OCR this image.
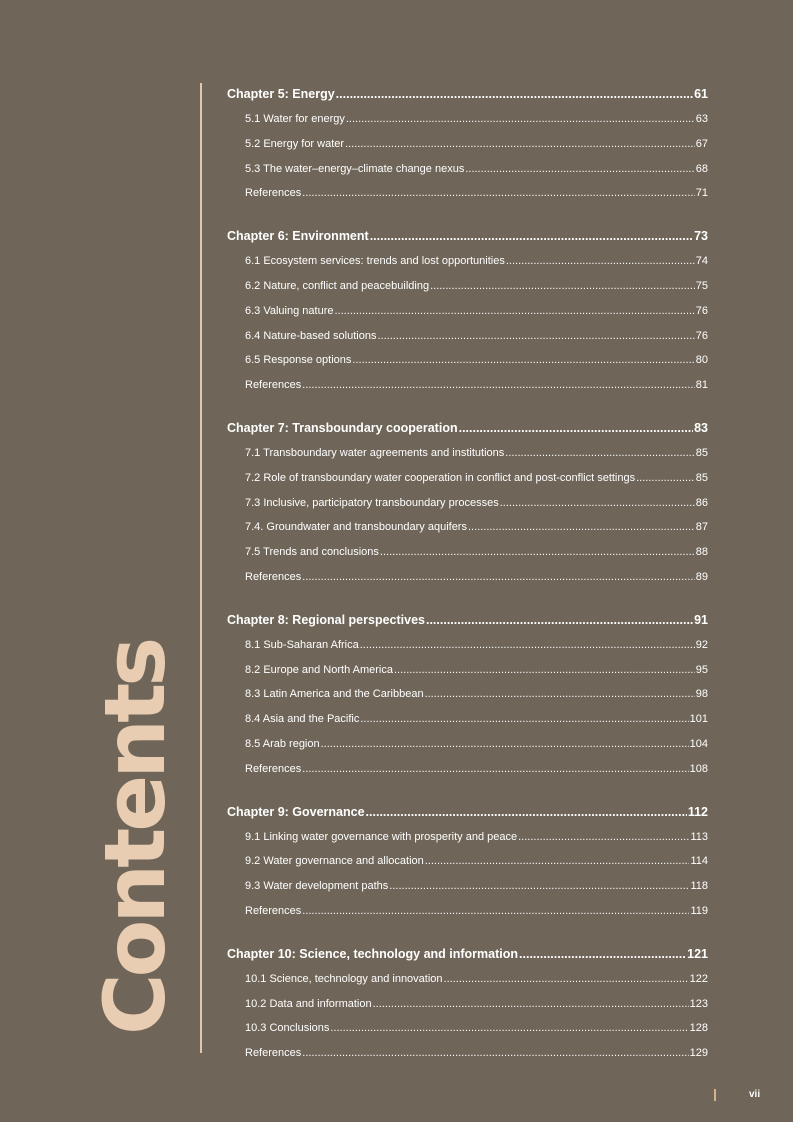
Contents
Chapter 5: Energy .....	61
5.1 Water for energy .....	63
5.2 Energy for water .....	67
5.3 The water–energy–climate change nexus .....	68
References .....	71
Chapter 6: Environment .....	73
6.1 Ecosystem services: trends and lost opportunities .....	74
6.2 Nature, conflict and peacebuilding .....	75
6.3 Valuing nature .....	76
6.4 Nature-based solutions .....	76
6.5 Response options .....	80
References .....	81
Chapter 7: Transboundary cooperation .....	83
7.1 Transboundary water agreements and institutions .....	85
7.2 Role of transboundary water cooperation in conflict and post-conflict settings .....	85
7.3 Inclusive, participatory transboundary processes .....	86
7.4. Groundwater and transboundary aquifers .....	87
7.5 Trends and conclusions .....	88
References .....	89
Chapter 8: Regional perspectives .....	91
8.1 Sub-Saharan Africa .....	92
8.2 Europe and North America .....	95
8.3 Latin America and the Caribbean .....	98
8.4 Asia and the Pacific .....	101
8.5 Arab region .....	104
References .....	108
Chapter 9: Governance .....	112
9.1 Linking water governance with prosperity and peace .....	113
9.2 Water governance and allocation .....	114
9.3 Water development paths .....	118
References .....	119
Chapter 10: Science, technology and information .....	121
10.1 Science, technology and innovation .....	122
10.2 Data and information .....	123
10.3 Conclusions .....	128
References .....	129
vii
